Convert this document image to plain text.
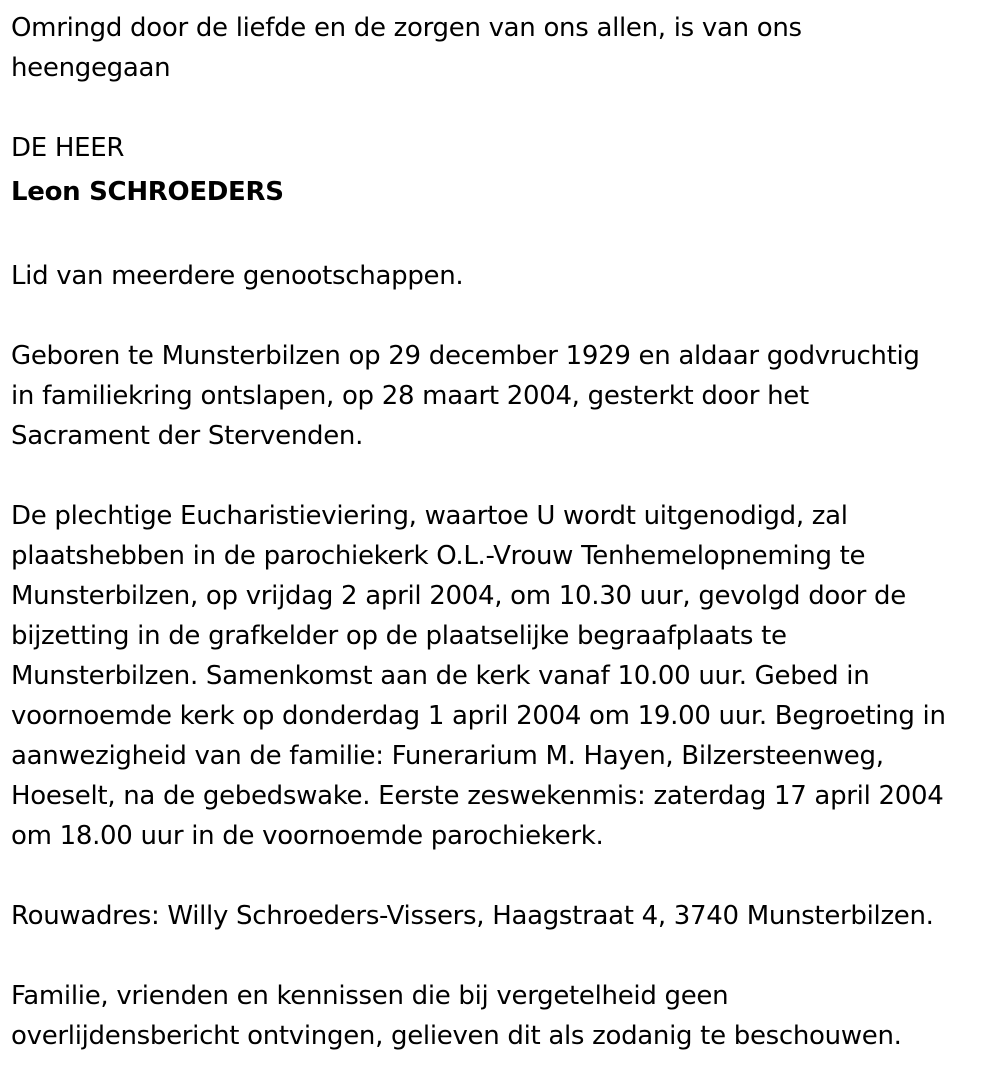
Omringd door de liefde en de zorgen van ons allen, is van ons

heengegaan

DE HEER

Leon SCHROEDERS

Lid van meerdere genootschappen.

Geboren te Munsterbilzen op 29 december 1929 en aldaar godvruchtig

in familiekring ontslapen, op 28 maart 2004, gesterkt door het

Sacrament der Stervenden.

De plechtige Eucharistieviering, waartoe U wordt uitgenodigd, zal

plaatshebben in de parochiekerk O.L.-Vrouw Tenhemelopneming te

Munsterbilzen, op vrijdag 2 april 2004, om 10.30 uur, gevolgd door de

bijzetting in de grafkelder op de plaatselijke begraafplaats te

Munsterbilzen. Samenkomst aan de kerk vanaf 10.00 uur. Gebed in

voornoemde kerk op donderdag 1 april 2004 om 19.00 uur. Begroeting in

aanwezigheid van de familie: Funerarium M. Hayen, Bilzersteenweg,

Hoeselt, na de gebedswake. Eerste zeswekenmis: zaterdag 17 april 2004

om 18.00 uur in de voornoemde parochiekerk.

Rouwadres: Willy Schroeders-Vissers, Haagstraat 4, 3740 Munsterbilzen.

Familie, vrienden en kennissen die bij vergetelheid geen

overlijdensbericht ontvingen, gelieven dit als zodanig te beschouwen.
